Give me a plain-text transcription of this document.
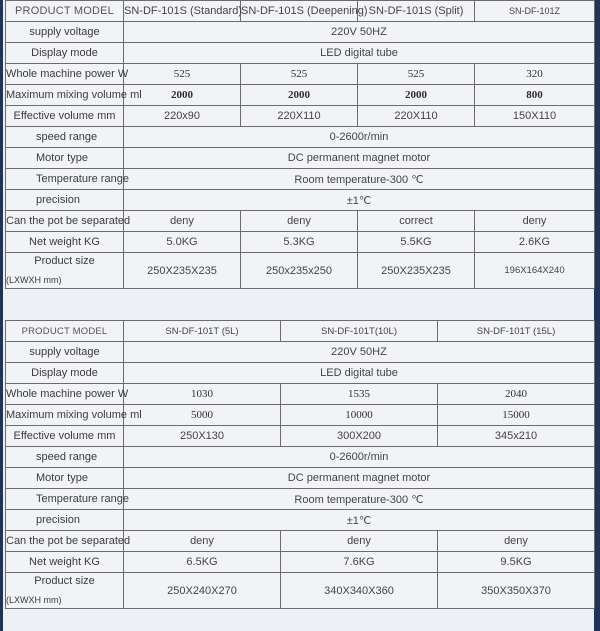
PRODUCT MODEL	SN-DF-101S (Standard)	SN-DF-101S (Deepening)	SN-DF-101S (Split)	SN-DF-101Z
supply voltage	220V 50HZ			
Display mode	LED digital tube			
Whole machine power W	525	525	525	320
Maximum mixing volume ml	2000	2000	2000	800
Effective volume mm	220x90	220X110	220X110	150X110
speed range	0-2600r/min			
Motor type	DC permanent magnet motor			
Temperature range	Room temperature-300 ℃			
precision	±1℃			
Can the pot be separated	deny	deny	correct	deny
Net weight KG	5.0KG	5.3KG	5.5KG	2.6KG

Product size
(LXWXH mm)	250X235X235	250x235x250	250X235X235	196X164X240
PRODUCT MODEL	SN-DF-101T (5L)	SN-DF-101T(10L)	SN-DF-101T (15L)
supply voltage	220V 50HZ		
Display mode	LED digital tube		
Whole machine power W	1030	1535	2040
Maximum mixing volume ml	5000	10000	15000
Effective volume mm	250X130	300X200	345x210
speed range	0-2600r/min		
Motor type	DC permanent magnet motor		
Temperature range	Room temperature-300 ℃		
precision	±1℃		
Can the pot be separated	deny	deny	deny
Net weight KG	6.5KG	7.6KG	9.5KG

Product size
(LXWXH mm)	250X240X270	340X340X360	350X350X370
